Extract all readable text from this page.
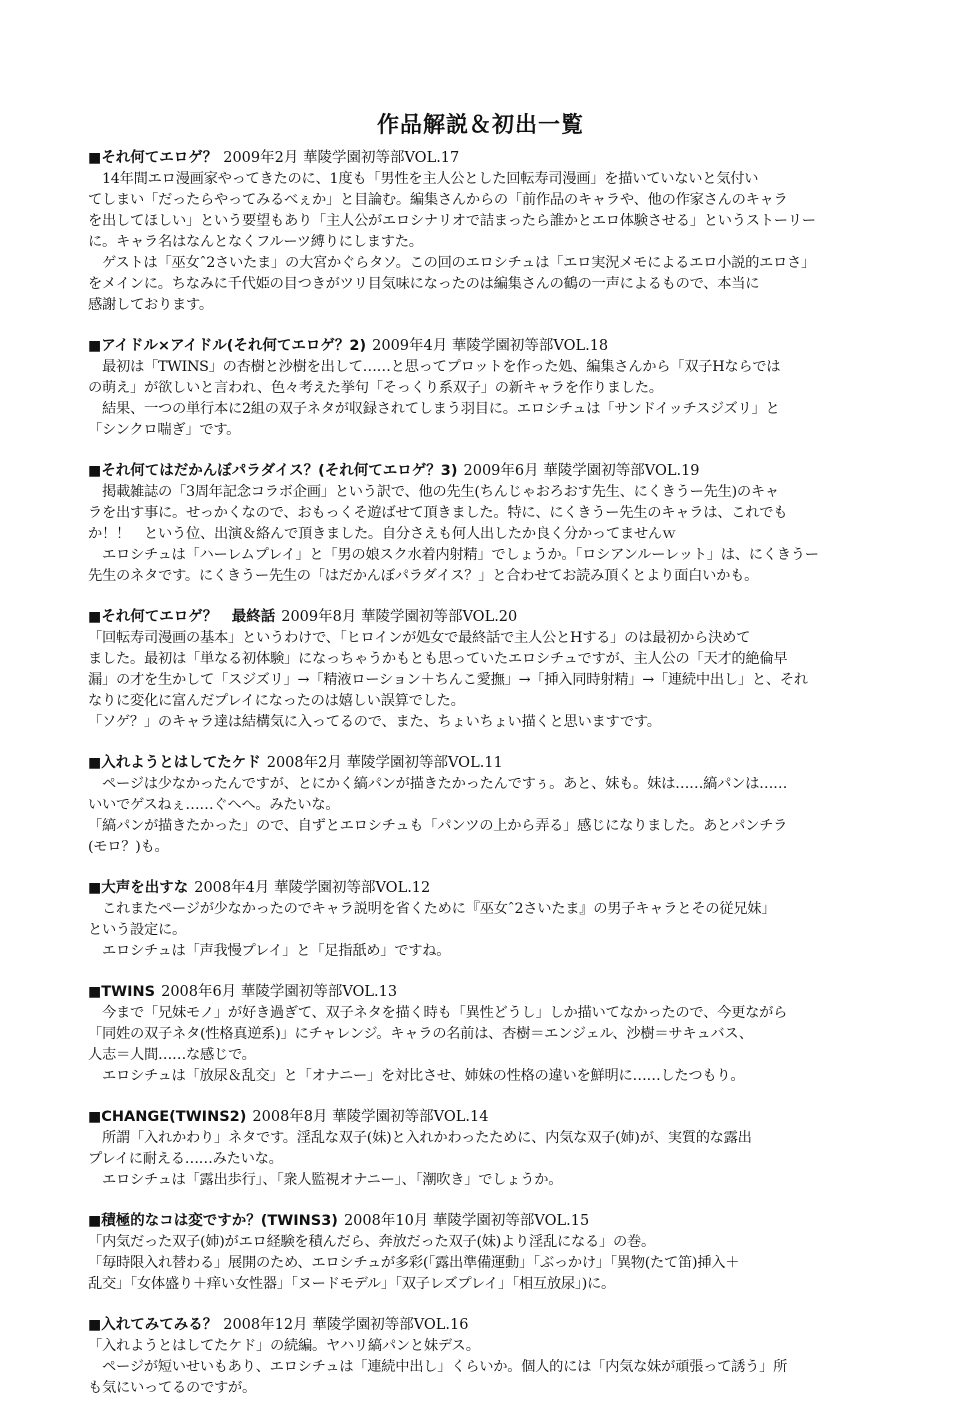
作品解説＆初出一覧
■それ何てエロゲ？ 2009年2月 華陵学園初等部VOL.17
　14年間エロ漫画家やってきたのに、1度も「男性を主人公とした回転寿司漫画」を描いていないと気付い
てしまい「だったらやってみるべぇか」と目論む。編集さんからの「前作品のキャラや、他の作家さんのキャラ
を出してほしい」という要望もあり「主人公がエロシナリオで詰まったら誰かとエロ体験させる」というストーリー
に。キャラ名はなんとなくフルーツ縛りにしますた。
　ゲストは「巫女ˆ2さいたま」の大宮かぐらタソ。この回のエロシチュは「エロ実況メモによるエロ小説的エロさ」
をメインに。ちなみに千代姫の目つきがツリ目気味になったのは編集さんの鶴の一声によるもので、本当に
感謝しております。
■アイドル×アイドル(それ何てエロゲ？2) 2009年4月 華陵学園初等部VOL.18
　最初は「TWINS」の杏樹と沙樹を出して……と思ってプロットを作った処、編集さんから「双子Hならでは
の萌え」が欲しいと言われ、色々考えた挙句「そっくり系双子」の新キャラを作りました。
　結果、一つの単行本に2組の双子ネタが収録されてしまう羽目に。エロシチュは「サンドイッチスジズリ」と
「シンクロ喘ぎ」です。
■それ何てはだかんぼパラダイス？(それ何てエロゲ？3) 2009年6月 華陵学園初等部VOL.19
　掲載雑誌の「3周年記念コラボ企画」という訳で、他の先生(ちんじゃおろおす先生、にくきうー先生)のキャ
ラを出す事に。せっかくなので、おもっくそ遊ばせて頂きました。特に、にくきうー先生のキャラは、これでも
か！！　という位、出演＆絡んで頂きました。自分さえも何人出したか良く分かってませんｗ
　エロシチュは「ハーレムプレイ」と「男の娘スク水着内射精」でしょうか。「ロシアンルーレット」は、にくきうー
先生のネタです。にくきうー先生の「はだかんぼパラダイス？」と合わせてお読み頂くとより面白いかも。
■それ何てエロゲ？　最終話 2009年8月 華陵学園初等部VOL.20
「回転寿司漫画の基本」というわけで、「ヒロインが処女で最終話で主人公とHする」のは最初から決めて
ました。最初は「単なる初体験」になっちゃうかもとも思っていたエロシチュですが、主人公の「天才的絶倫早
漏」の才を生かして「スジズリ」→「精液ローション＋ちんこ愛撫」→「挿入同時射精」→「連続中出し」と、それ
なりに変化に富んだプレイになったのは嬉しい誤算でした。
「ソゲ？」のキャラ達は結構気に入ってるので、また、ちょいちょい描くと思いますです。
■入れようとはしてたケド 2008年2月 華陵学園初等部VOL.11
　ページは少なかったんですが、とにかく縞パンが描きたかったんですぅ。あと、妹も。妹は……縞パンは……
いいでゲスねぇ……ぐへへ。みたいな。
「縞パンが描きたかった」ので、自ずとエロシチュも「パンツの上から弄る」感じになりました。あとパンチラ
(モロ？)も。
■大声を出すな 2008年4月 華陵学園初等部VOL.12
　これまたページが少なかったのでキャラ説明を省くために『巫女ˆ2さいたま』の男子キャラとその従兄妹」
という設定に。
　エロシチュは「声我慢プレイ」と「足指舐め」ですね。
■TWINS 2008年6月 華陵学園初等部VOL.13
　今まで「兄妹モノ」が好き過ぎて、双子ネタを描く時も「異性どうし」しか描いてなかったので、今更ながら
「同姓の双子ネタ(性格真逆系)」にチャレンジ。キャラの名前は、杏樹＝エンジェル、沙樹＝サキュバス、
人志＝人間……な感じで。
　エロシチュは「放尿＆乱交」と「オナニー」を対比させ、姉妹の性格の違いを鮮明に……したつもり。
■CHANGE(TWINS2) 2008年8月 華陵学園初等部VOL.14
　所謂「入れかわり」ネタです。淫乱な双子(妹)と入れかわったために、内気な双子(姉)が、実質的な露出
プレイに耐える……みたいな。
　エロシチュは「露出歩行」、「衆人監視オナニー」、「潮吹き」でしょうか。
■積極的なコは変ですか？(TWINS3) 2008年10月 華陵学園初等部VOL.15
「内気だった双子(姉)がエロ経験を積んだら、奔放だった双子(妹)より淫乱になる」の巻。
「毎時限入れ替わる」展開のため、エロシチュが多彩(「露出準備運動」「ぶっかけ」「異物(たて笛)挿入＋
乱交」「女体盛り＋痒い女性器」「ヌードモデル」「双子レズプレイ」「相互放尿」)に。
■入れてみてみる？ 2008年12月 華陵学園初等部VOL.16
「入れようとはしてたケド」の続編。ヤハリ縞パンと妹デス。
　ページが短いせいもあり、エロシチュは「連続中出し」くらいか。個人的には「内気な妹が頑張って誘う」所
も気にいってるのですが。
